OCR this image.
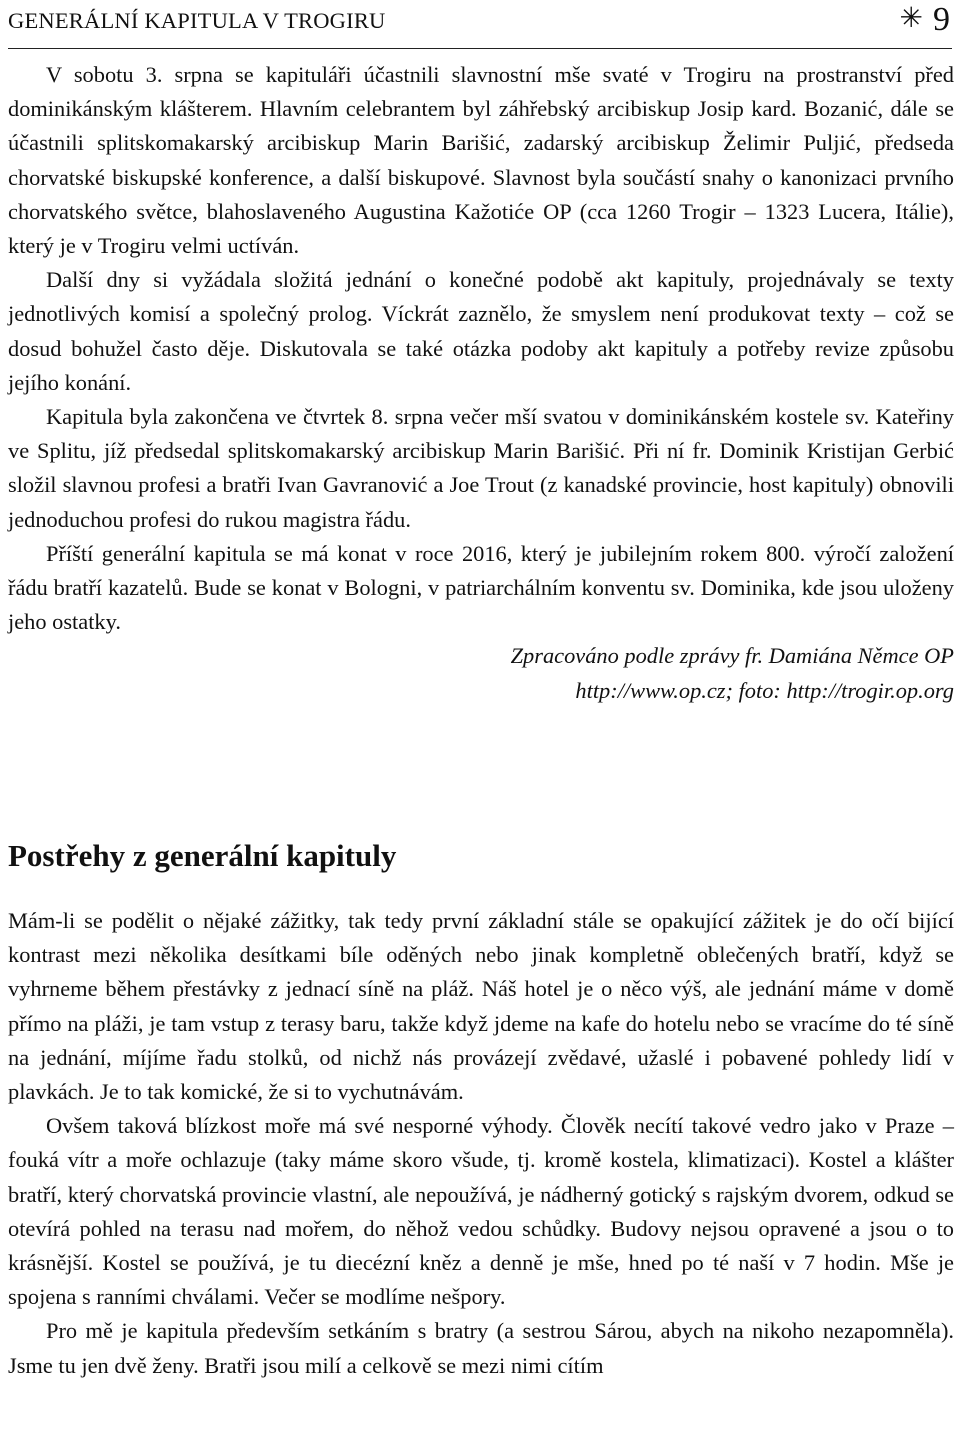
GENERÁLNÍ KAPITULA V TROGIRU	✳ 9

V sobotu 3. srpna se kapituláři účastnili slavnostní mše svaté v Trogiru na prostranství před dominikánským klášterem. Hlavním celebrantem byl záhřebský arcibiskup Josip kard. Bozanić, dále se účastnili splitskomakarský arcibiskup Marin Barišić, zadarský arcibiskup Želimir Puljić, předseda chorvatské biskupské konference, a další biskupové. Slavnost byla součástí snahy o kanonizaci prvního chorvatského světce, blahoslaveného Augustina Kažotiće OP (cca 1260 Trogir – 1323 Lucera, Itálie), který je v Trogiru velmi uctíván.

Další dny si vyžádala složitá jednání o konečné podobě akt kapituly, projednávaly se texty jednotlivých komisí a společný prolog. Víckrát zaznělo, že smyslem není produkovat texty – což se dosud bohužel často děje. Diskutovala se také otázka podoby akt kapituly a potřeby revize způsobu jejího konání.

Kapitula byla zakončena ve čtvrtek 8. srpna večer mší svatou v dominikánském kostele sv. Kateřiny ve Splitu, jíž předsedal splitskomakarský arcibiskup Marin Barišić. Při ní fr. Dominik Kristijan Gerbić složil slavnou profesi a bratři Ivan Gavranović a Joe Trout (z kanadské provincie, host kapituly) obnovili jednoduchou profesi do rukou magistra řádu.

Příští generální kapitula se má konat v roce 2016, který je jubilejním rokem 800. výročí založení řádu bratří kazatelů. Bude se konat v Bologni, v patriarchálním konventu sv. Dominika, kde jsou uloženy jeho ostatky.

Zpracováno podle zprávy fr. Damiána Němce OP
http://www.op.cz; foto: http://trogir.op.org
Postřehy z generální kapituly

Mám-li se podělit o nějaké zážitky, tak tedy první základní stále se opakující zážitek je do očí bijící kontrast mezi několika desítkami bíle oděných nebo jinak kompletně oblečených bratří, když se vyhrneme během přestávky z jednací síně na pláž. Náš hotel je o něco výš, ale jednání máme v domě přímo na pláži, je tam vstup z terasy baru, takže když jdeme na kafe do hotelu nebo se vracíme do té síně na jednání, míjíme řadu stolků, od nichž nás provázejí zvědavé, užaslé i pobavené pohledy lidí v plavkách. Je to tak komické, že si to vychutnávám.

Ovšem taková blízkost moře má své nesporné výhody. Člověk necítí takové vedro jako v Praze – fouká vítr a moře ochlazuje (taky máme skoro všude, tj. kromě kostela, klimatizaci). Kostel a klášter bratří, který chorvatská provincie vlastní, ale nepoužívá, je nádherný gotický s rajským dvorem, odkud se otevírá pohled na terasu nad mořem, do něhož vedou schůdky. Budovy nejsou opravené a jsou o to krásnější. Kostel se používá, je tu diecézní kněz a denně je mše, hned po té naší v 7 hodin. Mše je spojena s ranními chválami. Večer se modlíme nešpory.

Pro mě je kapitula především setkáním s bratry (a sestrou Sárou, abych na nikoho nezapomněla). Jsme tu jen dvě ženy. Bratři jsou milí a celkově se mezi nimi cítím
